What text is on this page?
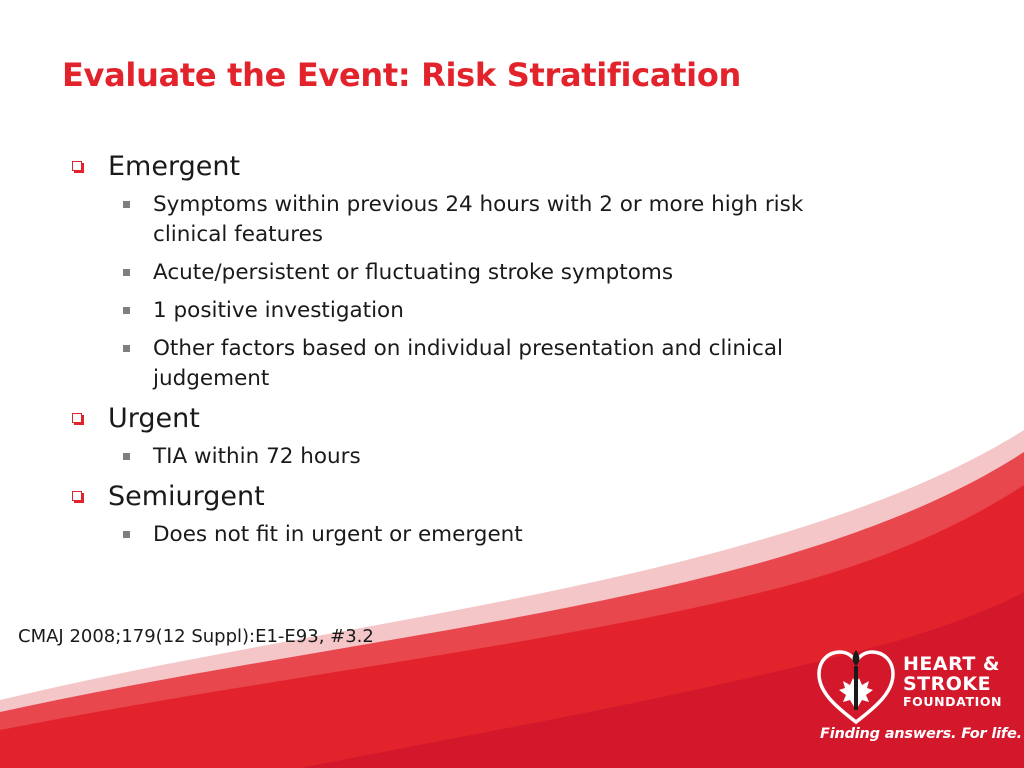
Evaluate the Event: Risk Stratification
Emergent
Symptoms within previous 24 hours with 2 or more high risk clinical features
Acute/persistent or fluctuating stroke symptoms
1 positive investigation
Other factors based on individual presentation and clinical judgement
Urgent
TIA within 72 hours
Semiurgent
Does not fit in urgent or emergent
CMAJ 2008;179(12 Suppl):E1-E93, #3.2
HEART &
STROKE
FOUNDATION
Finding answers. For life.
